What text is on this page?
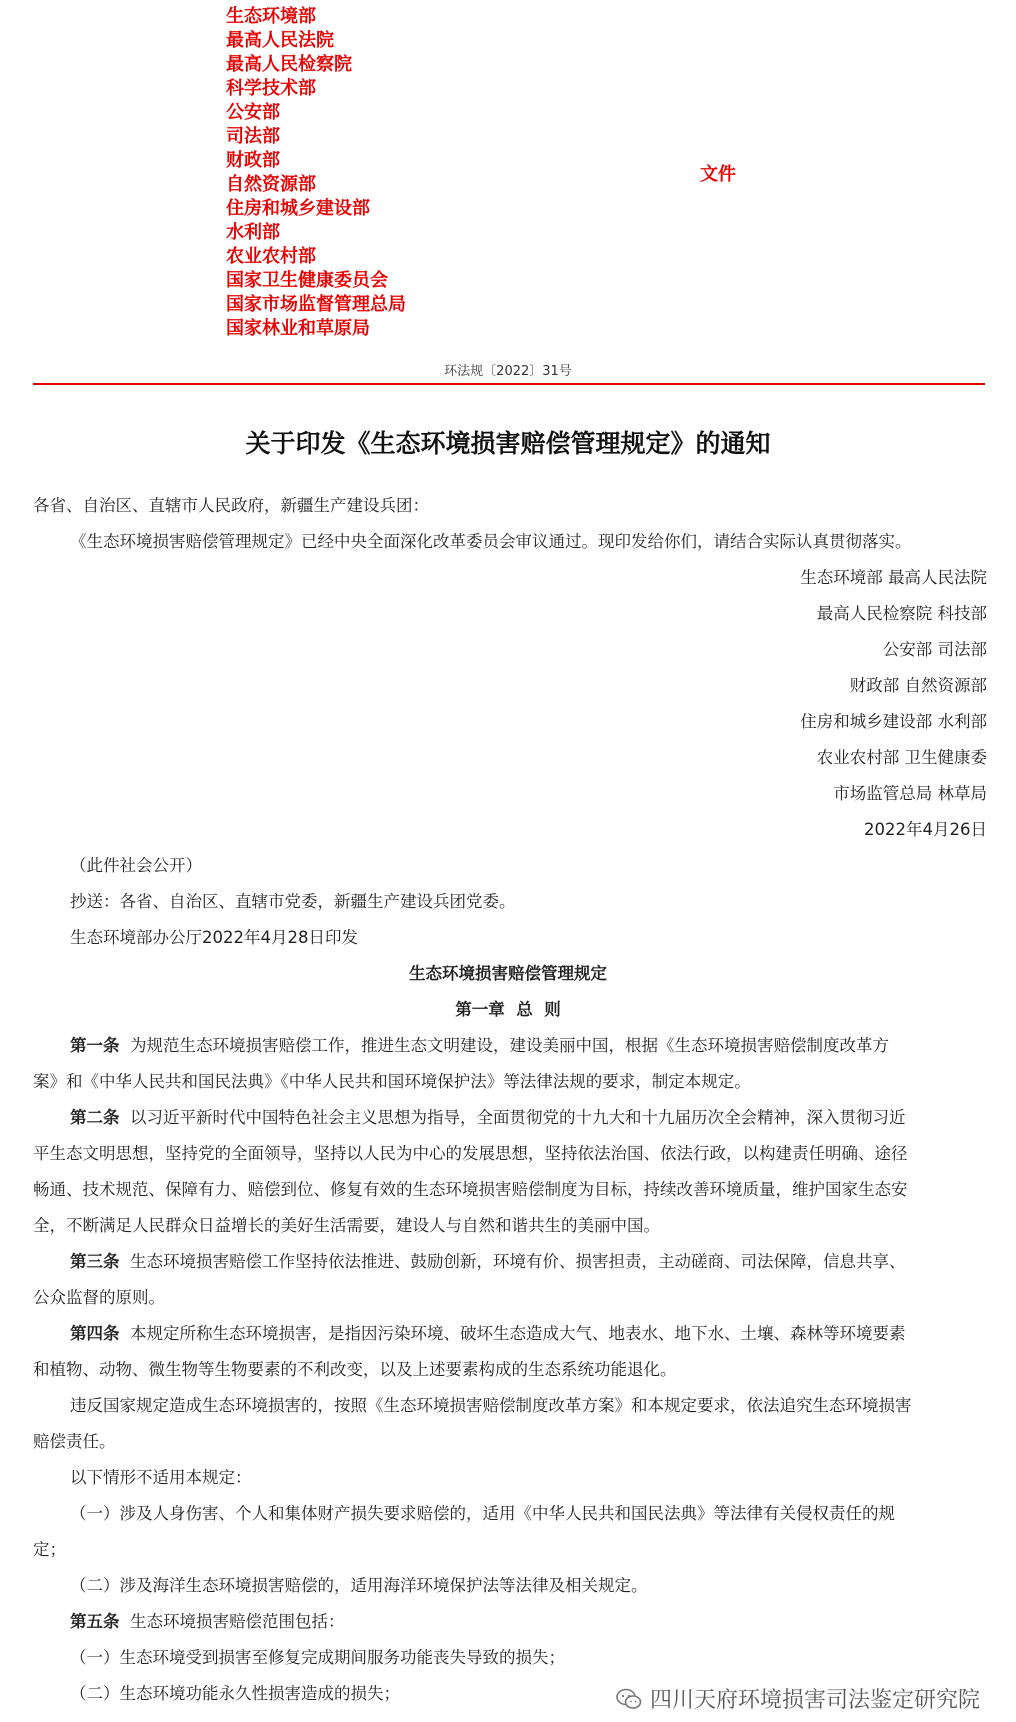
生态环境部
最高人民法院
最高人民检察院
科学技术部
公安部
司法部
财政部
自然资源部
住房和城乡建设部
水利部
农业农村部
国家卫生健康委员会
国家市场监督管理总局
国家林业和草原局
文件
环法规〔2022〕31号
关于印发《生态环境损害赔偿管理规定》的通知
各省、自治区、直辖市人民政府，新疆生产建设兵团：
《生态环境损害赔偿管理规定》已经中央全面深化改革委员会审议通过。现印发给你们，请结合实际认真贯彻落实。
生态环境部 最高人民法院
最高人民检察院 科技部
公安部 司法部
财政部 自然资源部
住房和城乡建设部 水利部
农业农村部 卫生健康委
市场监管总局 林草局
2022年4月26日
（此件社会公开）
抄送：各省、自治区、直辖市党委，新疆生产建设兵团党委。
生态环境部办公厅2022年4月28日印发
生态环境损害赔偿管理规定
第一章  总  则
第一条  为规范生态环境损害赔偿工作，推进生态文明建设，建设美丽中国，根据《生态环境损害赔偿制度改革方
案》和《中华人民共和国民法典》《中华人民共和国环境保护法》等法律法规的要求，制定本规定。
第二条  以习近平新时代中国特色社会主义思想为指导，全面贯彻党的十九大和十九届历次全会精神，深入贯彻习近
平生态文明思想，坚持党的全面领导，坚持以人民为中心的发展思想，坚持依法治国、依法行政，以构建责任明确、途径
畅通、技术规范、保障有力、赔偿到位、修复有效的生态环境损害赔偿制度为目标，持续改善环境质量，维护国家生态安
全，不断满足人民群众日益增长的美好生活需要，建设人与自然和谐共生的美丽中国。
第三条  生态环境损害赔偿工作坚持依法推进、鼓励创新，环境有价、损害担责，主动磋商、司法保障，信息共享、
公众监督的原则。
第四条  本规定所称生态环境损害，是指因污染环境、破坏生态造成大气、地表水、地下水、土壤、森林等环境要素
和植物、动物、微生物等生物要素的不利改变，以及上述要素构成的生态系统功能退化。
违反国家规定造成生态环境损害的，按照《生态环境损害赔偿制度改革方案》和本规定要求，依法追究生态环境损害
赔偿责任。
以下情形不适用本规定：
（一）涉及人身伤害、个人和集体财产损失要求赔偿的，适用《中华人民共和国民法典》等法律有关侵权责任的规
定；
（二）涉及海洋生态环境损害赔偿的，适用海洋环境保护法等法律及相关规定。
第五条  生态环境损害赔偿范围包括：
（一）生态环境受到损害至修复完成期间服务功能丧失导致的损失；
（二）生态环境功能永久性损害造成的损失；	四川天府环境损害司法鉴定研究院
